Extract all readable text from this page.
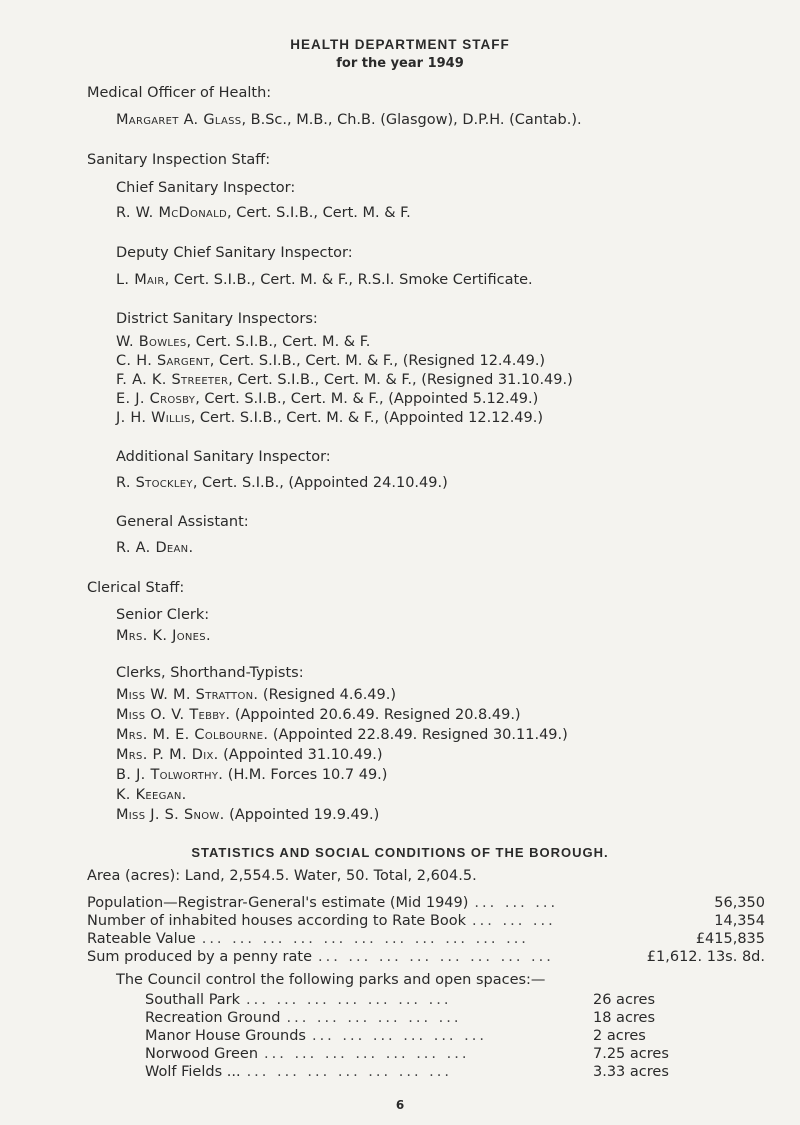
HEALTH DEPARTMENT STAFF
for the year 1949
Medical Officer of Health:
Margaret A. Glass, B.Sc., M.B., Ch.B. (Glasgow), D.P.H. (Cantab.).
Sanitary Inspection Staff:
Chief Sanitary Inspector:
R. W. McDonald, Cert. S.I.B., Cert. M. & F.
Deputy Chief Sanitary Inspector:
L. Mair, Cert. S.I.B., Cert. M. & F., R.S.I. Smoke Certificate.
District Sanitary Inspectors:
W. Bowles, Cert. S.I.B., Cert. M. & F.
C. H. Sargent, Cert. S.I.B., Cert. M. & F., (Resigned 12.4.49.)
F. A. K. Streeter, Cert. S.I.B., Cert. M. & F., (Resigned 31.10.49.)
E. J. Crosby, Cert. S.I.B., Cert. M. & F., (Appointed 5.12.49.)
J. H. Willis, Cert. S.I.B., Cert. M. & F., (Appointed 12.12.49.)
Additional Sanitary Inspector:
R. Stockley, Cert. S.I.B., (Appointed 24.10.49.)
General Assistant:
R. A. Dean.
Clerical Staff:
Senior Clerk:
Mrs. K. Jones.
Clerks, Shorthand-Typists:
Miss W. M. Stratton. (Resigned 4.6.49.)
Miss O. V. Tebby. (Appointed 20.6.49. Resigned 20.8.49.)
Mrs. M. E. Colbourne. (Appointed 22.8.49. Resigned 30.11.49.)
Mrs. P. M. Dix. (Appointed 31.10.49.)
B. J. Tolworthy. (H.M. Forces 10.7 49.)
K. Keegan.
Miss J. S. Snow. (Appointed 19.9.49.)
STATISTICS AND SOCIAL CONDITIONS OF THE BOROUGH.
Area (acres): Land, 2,554.5. Water, 50. Total, 2,604.5.
Population—Registrar-General's estimate (Mid 1949) ... ... ...	56,350
Number of inhabited houses according to Rate Book ... ... ...	14,354
Rateable Value ... ... ... ... ... ... ... ... ... ... ...	£415,835
Sum produced by a penny rate ... ... ... ... ... ... ... ...	£1,612. 13s. 8d.
The Council control the following parks and open spaces:—
Southall Park ... ... ... ... ... ... ...	26 acres
Recreation Ground ... ... ... ... ... ...	18 acres
Manor House Grounds ... ... ... ... ... ...	2 acres
Norwood Green ... ... ... ... ... ... ...	7.25 acres
Wolf Fields ... ... ... ... ... ... ... ...	3.33 acres
6
